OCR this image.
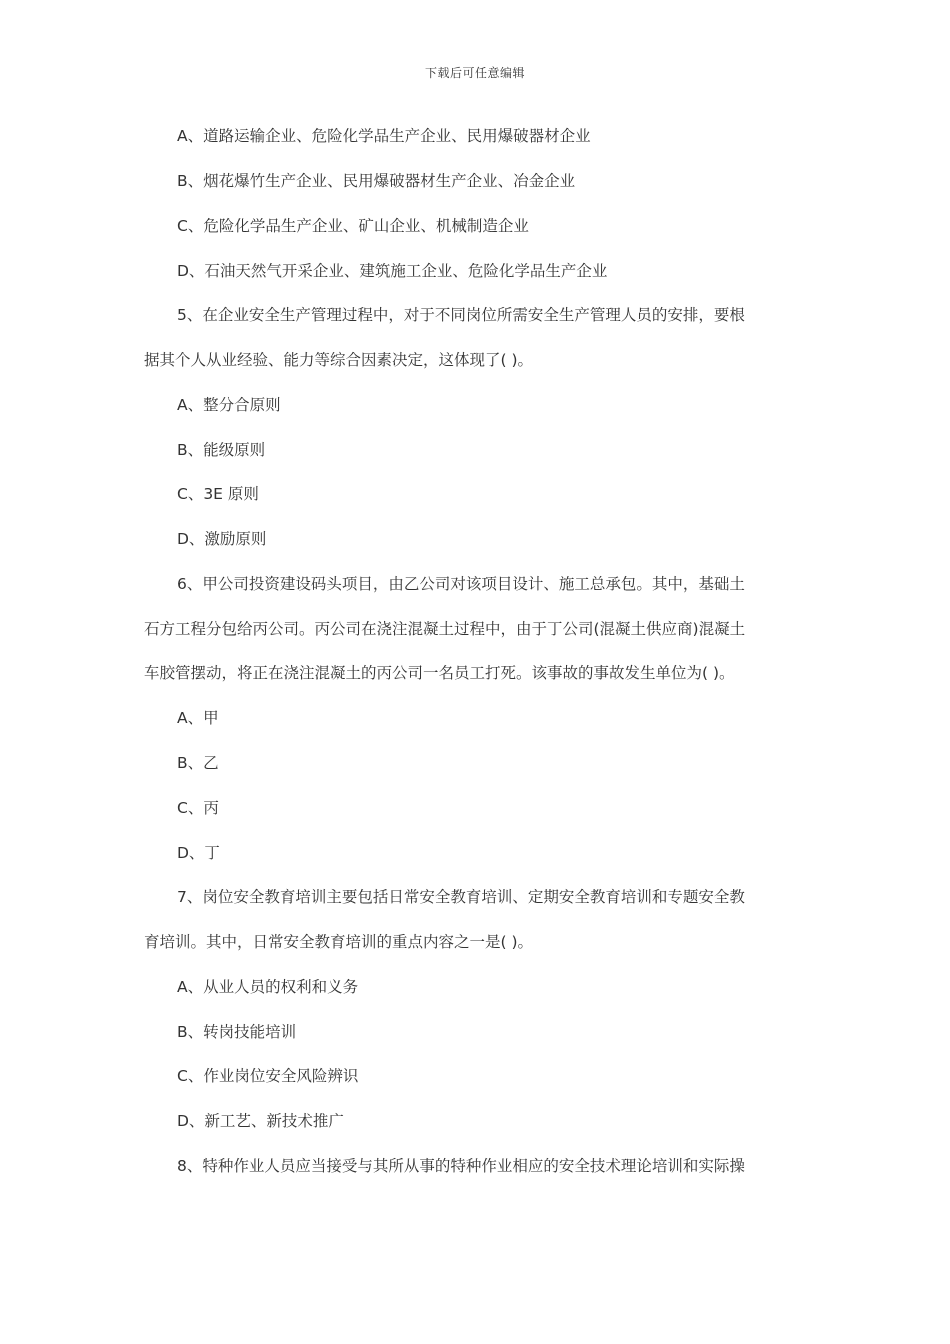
下载后可任意编辑
A、道路运输企业、危险化学品生产企业、民用爆破器材企业
B、烟花爆竹生产企业、民用爆破器材生产企业、冶金企业
C、危险化学品生产企业、矿山企业、机械制造企业
D、石油天然气开采企业、建筑施工企业、危险化学品生产企业
5、在企业安全生产管理过程中，对于不同岗位所需安全生产管理人员的安排，要根
据其个人从业经验、能力等综合因素决定，这体现了( )。
A、整分合原则
B、能级原则
C、3E 原则
D、激励原则
6、甲公司投资建设码头项目，由乙公司对该项目设计、施工总承包。其中，基础土
石方工程分包给丙公司。丙公司在浇注混凝土过程中，由于丁公司(混凝土供应商)混凝土
车胶管摆动，将正在浇注混凝土的丙公司一名员工打死。该事故的事故发生单位为( )。
A、甲
B、乙
C、丙
D、丁
7、岗位安全教育培训主要包括日常安全教育培训、定期安全教育培训和专题安全教
育培训。其中，日常安全教育培训的重点内容之一是( )。
A、从业人员的权利和义务
B、转岗技能培训
C、作业岗位安全风险辨识
D、新工艺、新技术推广
8、特种作业人员应当接受与其所从事的特种作业相应的安全技术理论培训和实际操
